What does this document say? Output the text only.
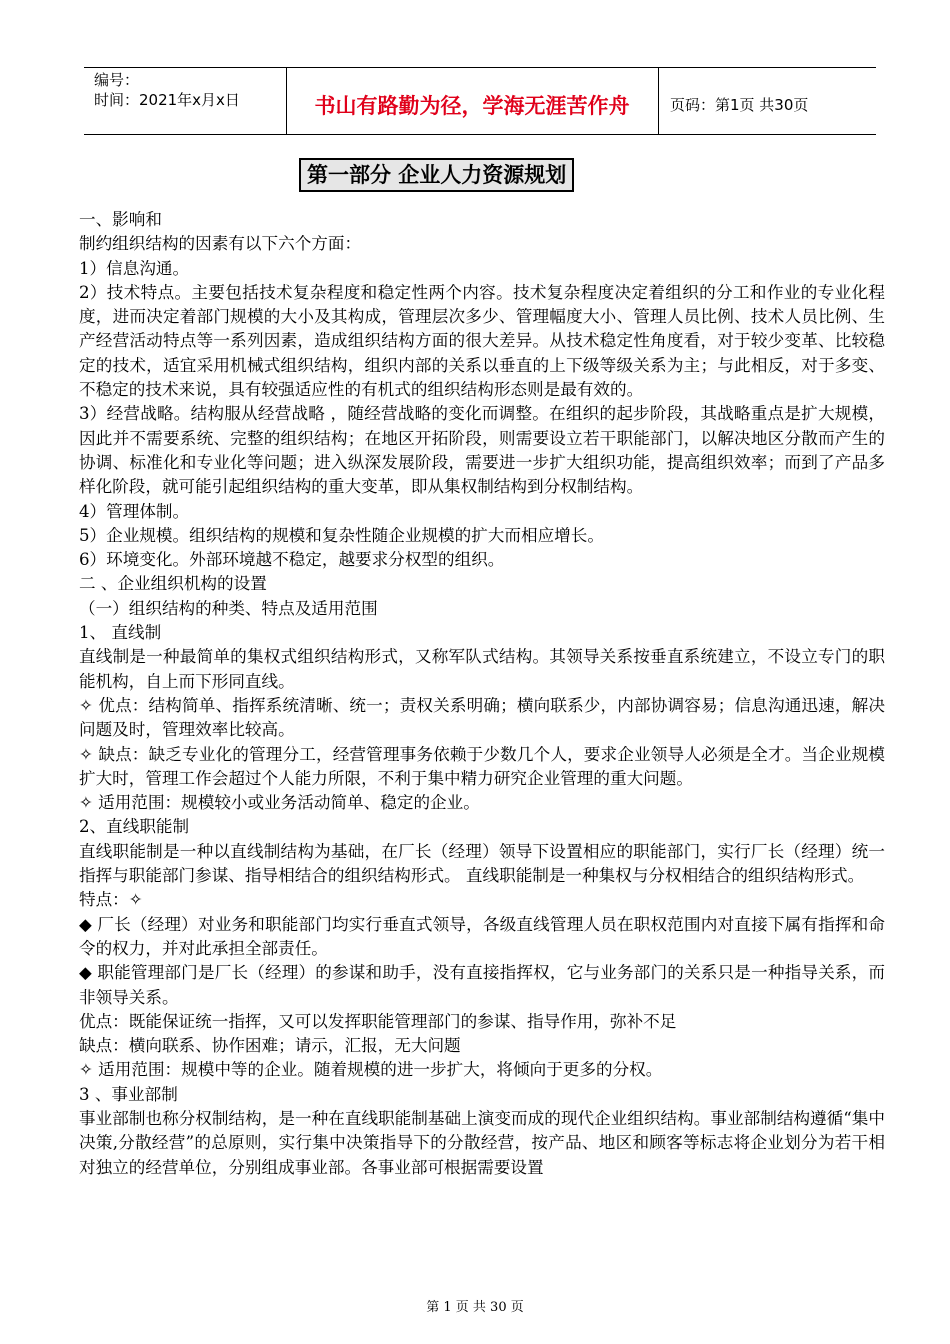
编号：
时间：2021年x月x日	书山有路勤为径，学海无涯苦作舟	页码：第1页 共30页
第一部分 企业人力资源规划

一、影响和

制约组织结构的因素有以下六个方面：

1）信息沟通。

2）技术特点。主要包括技术复杂程度和稳定性两个内容。技术复杂程度决定着组织的分工和作业的专业化程度，进而决定着部门规模的大小及其构成，管理层次多少、管理幅度大小、管理人员比例、技术人员比例、生产经营活动特点等一系列因素，造成组织结构方面的很大差异。从技术稳定性角度看，对于较少变革、比较稳定的技术，适宜采用机械式组织结构，组织内部的关系以垂直的上下级等级关系为主；与此相反，对于多变、不稳定的技术来说，具有较强适应性的有机式的组织结构形态则是最有效的。

3）经营战略。结构服从经营战略 ，随经营战略的变化而调整。在组织的起步阶段，其战略重点是扩大规模，因此并不需要系统、完整的组织结构；在地区开拓阶段，则需要设立若干职能部门，以解决地区分散而产生的协调、标准化和专业化等问题；进入纵深发展阶段，需要进一步扩大组织功能，提高组织效率；而到了产品多样化阶段，就可能引起组织结构的重大变革，即从集权制结构到分权制结构。

4）管理体制。

5）企业规模。组织结构的规模和复杂性随企业规模的扩大而相应增长。

6）环境变化。外部环境越不稳定，越要求分权型的组织。

二 、企业组织机构的设置

（一）组织结构的种类、特点及适用范围

1、 直线制

直线制是一种最简单的集权式组织结构形式，又称军队式结构。其领导关系按垂直系统建立，不设立专门的职能机构，自上而下形同直线。

✧ 优点：结构简单、指挥系统清晰、统一；责权关系明确；横向联系少，内部协调容易；信息沟通迅速，解决问题及时，管理效率比较高。

✧ 缺点：缺乏专业化的管理分工，经营管理事务依赖于少数几个人，要求企业领导人必须是全才。当企业规模扩大时，管理工作会超过个人能力所限，不利于集中精力研究企业管理的重大问题。

✧ 适用范围：规模较小或业务活动简单、稳定的企业。

2、直线职能制

直线职能制是一种以直线制结构为基础，在厂长（经理）领导下设置相应的职能部门，实行厂长（经理）统一指挥与职能部门参谋、指导相结合的组织结构形式。 直线职能制是一种集权与分权相结合的组织结构形式。

特点：✧

◆ 厂长（经理）对业务和职能部门均实行垂直式领导，各级直线管理人员在职权范围内对直接下属有指挥和命令的权力，并对此承担全部责任。

◆ 职能管理部门是厂长（经理）的参谋和助手，没有直接指挥权，它与业务部门的关系只是一种指导关系，而非领导关系。

优点：既能保证统一指挥，又可以发挥职能管理部门的参谋、指导作用，弥补不足

缺点：横向联系、协作困难；请示，汇报，无大问题

✧ 适用范围：规模中等的企业。随着规模的进一步扩大，将倾向于更多的分权。

3 、事业部制

事业部制也称分权制结构，是一种在直线职能制基础上演变而成的现代企业组织结构。事业部制结构遵循“集中决策,分散经营”的总原则，实行集中决策指导下的分散经营，按产品、地区和顾客等标志将企业划分为若干相对独立的经营单位，分别组成事业部。各事业部可根据需要设置

第 1 页 共 30 页
